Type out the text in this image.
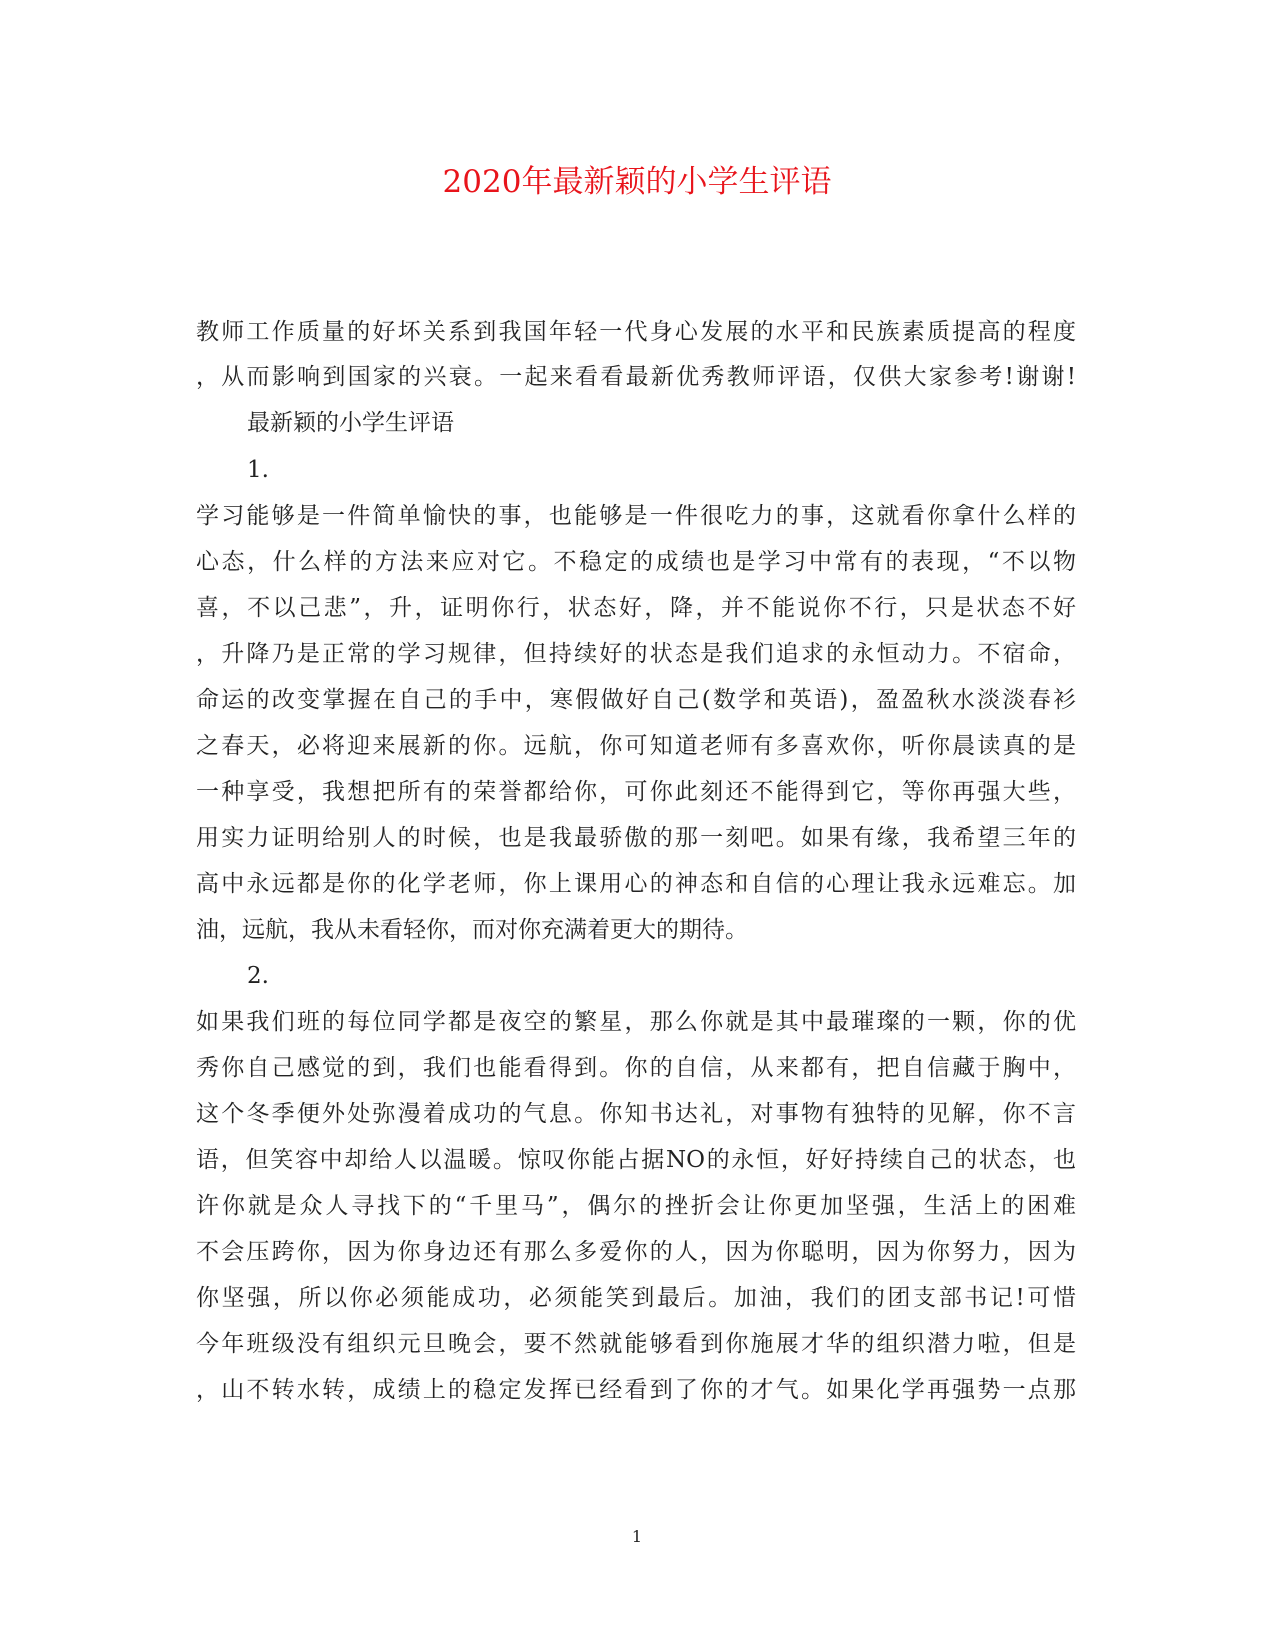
2020年最新颖的小学生评语
教师工作质量的好坏关系到我国年轻一代身心发展的水平和民族素质提高的程度
，从而影响到国家的兴衰。一起来看看最新优秀教师评语，仅供大家参考!谢谢!
最新颖的小学生评语
1.
学习能够是一件简单愉快的事，也能够是一件很吃力的事，这就看你拿什么样的
心态，什么样的方法来应对它。不稳定的成绩也是学习中常有的表现，“不以物
喜，不以己悲”，升，证明你行，状态好，降，并不能说你不行，只是状态不好
，升降乃是正常的学习规律，但持续好的状态是我们追求的永恒动力。不宿命，
命运的改变掌握在自己的手中，寒假做好自己(数学和英语)，盈盈秋水淡淡春衫
之春天，必将迎来展新的你。远航，你可知道老师有多喜欢你，听你晨读真的是
一种享受，我想把所有的荣誉都给你，可你此刻还不能得到它，等你再强大些，
用实力证明给别人的时候，也是我最骄傲的那一刻吧。如果有缘，我希望三年的
高中永远都是你的化学老师，你上课用心的神态和自信的心理让我永远难忘。加
油，远航，我从未看轻你，而对你充满着更大的期待。
2.
如果我们班的每位同学都是夜空的繁星，那么你就是其中最璀璨的一颗，你的优
秀你自己感觉的到，我们也能看得到。你的自信，从来都有，把自信藏于胸中，
这个冬季便外处弥漫着成功的气息。你知书达礼，对事物有独特的见解，你不言
语，但笑容中却给人以温暖。惊叹你能占据NO的永恒，好好持续自己的状态，也
许你就是众人寻找下的“千里马”，偶尔的挫折会让你更加坚强，生活上的困难
不会压跨你，因为你身边还有那么多爱你的人，因为你聪明，因为你努力，因为
你坚强，所以你必须能成功，必须能笑到最后。加油，我们的团支部书记!可惜
今年班级没有组织元旦晚会，要不然就能够看到你施展才华的组织潜力啦，但是
，山不转水转，成绩上的稳定发挥已经看到了你的才气。如果化学再强势一点那
1
